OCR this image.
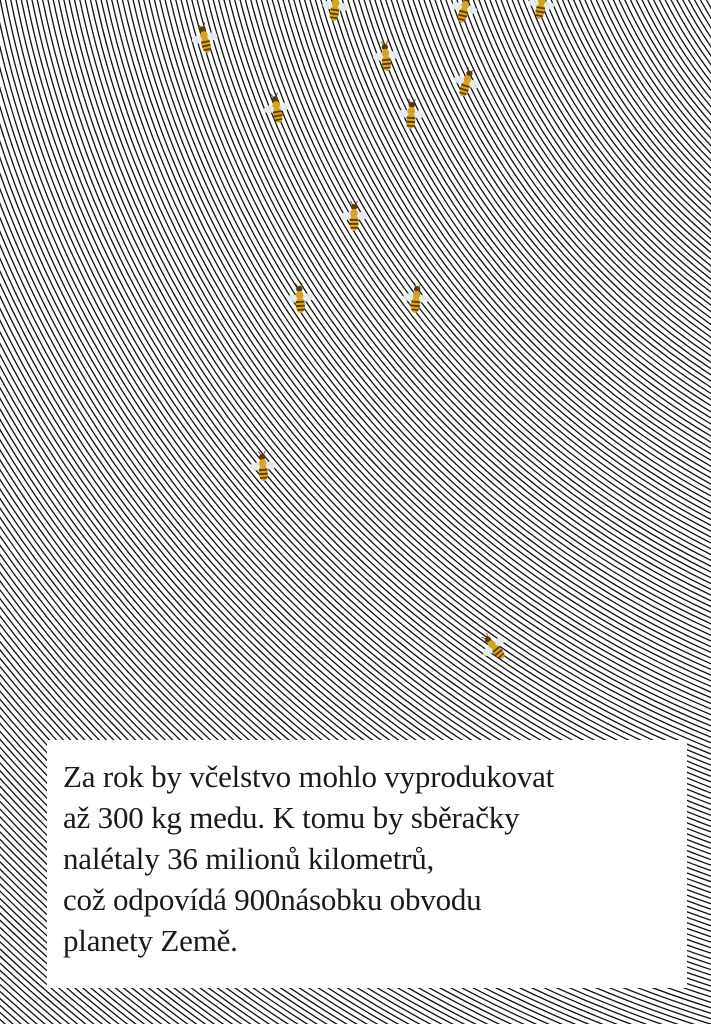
Za rok by včelstvo mohlo vyprodukovat
až 300 kg medu. K tomu by sběračky
nalétaly 36 milionů kilometrů,
což odpovídá 900násobku obvodu
planety Země.
